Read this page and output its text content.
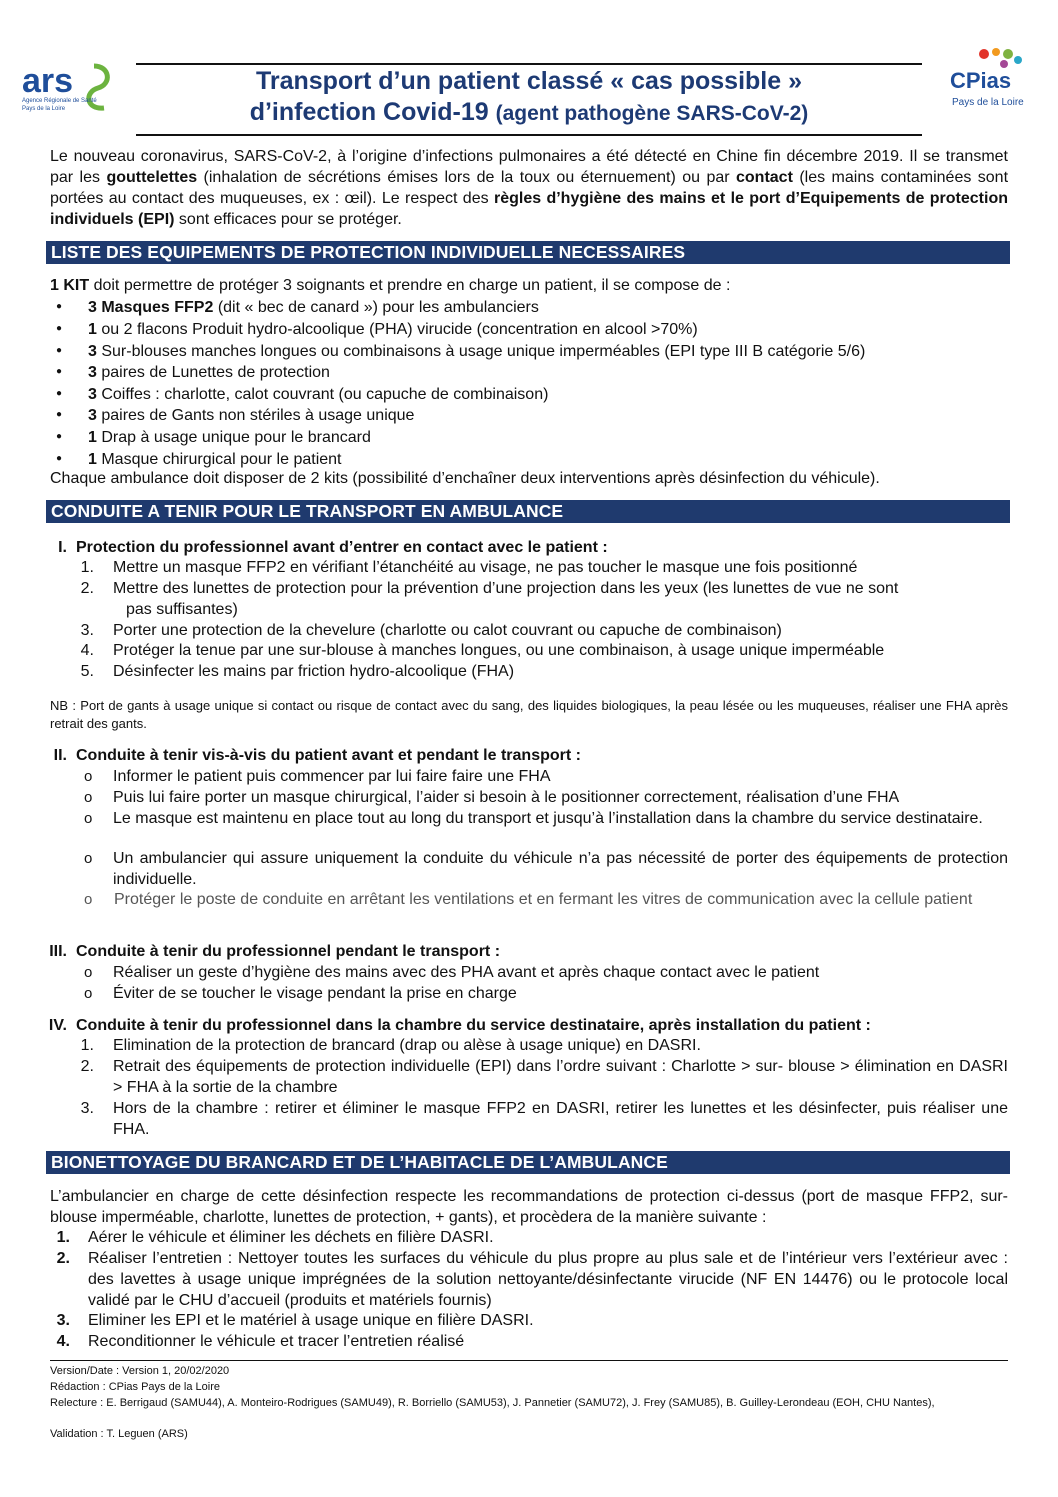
ars
Agence Régionale de Santé
Pays de la Loire
CPias
Pays de la Loire
Transport d’un patient classé « cas possible »
d’infection Covid-19 (agent pathogène SARS-CoV-2)
Le nouveau coronavirus, SARS-CoV-2, à l’origine d’infections pulmonaires a été détecté en Chine fin décembre 2019. Il se transmet par les gouttelettes (inhalation de sécrétions émises lors de la toux ou éternuement) ou par contact (les mains contaminées sont portées au contact des muqueuses, ex : œil). Le respect des règles d’hygiène des mains et le port d’Equipements de protection individuels (EPI) sont efficaces pour se protéger.
LISTE DES EQUIPEMENTS DE PROTECTION INDIVIDUELLE NECESSAIRES
1 KIT doit permettre de protéger 3 soignants et prendre en charge un patient, il se compose de :
● 3 Masques FFP2 (dit « bec de canard ») pour les ambulanciers
● 1 ou 2 flacons Produit hydro-alcoolique (PHA) virucide (concentration en alcool >70%)
● 3 Sur-blouses manches longues ou combinaisons à usage unique imperméables (EPI type III B catégorie 5/6)
● 3 paires de Lunettes de protection
● 3 Coiffes : charlotte, calot couvrant (ou capuche de combinaison)
● 3 paires de Gants non stériles à usage unique
● 1 Drap à usage unique pour le brancard
● 1 Masque chirurgical pour le patient
Chaque ambulance doit disposer de 2 kits (possibilité d’enchaîner deux interventions après désinfection du véhicule).
CONDUITE A TENIR POUR LE TRANSPORT EN AMBULANCE
I. Protection du professionnel avant d’entrer en contact avec le patient :
1. Mettre un masque FFP2 en vérifiant l’étanchéité au visage, ne pas toucher le masque une fois positionné
2. Mettre des lunettes de protection pour la prévention d’une projection dans les yeux (les lunettes de vue ne sont
pas suffisantes)
3. Porter une protection de la chevelure (charlotte ou calot couvrant ou capuche de combinaison)
4. Protéger la tenue par une sur-blouse à manches longues, ou une combinaison, à usage unique imperméable
5. Désinfecter les mains par friction hydro-alcoolique (FHA)
NB : Port de gants à usage unique si contact ou risque de contact avec du sang, des liquides biologiques, la peau lésée ou les muqueuses, réaliser une FHA après retrait des gants.
II. Conduite à tenir vis-à-vis du patient avant et pendant le transport :
o Informer le patient puis commencer par lui faire faire une FHA
o Puis lui faire porter un masque chirurgical, l’aider si besoin à le positionner correctement, réalisation d’une FHA
o Le masque est maintenu en place tout au long du transport et jusqu’à l’installation dans la chambre du service destinataire.
o Un ambulancier qui assure uniquement la conduite du véhicule n’a pas nécessité de porter des équipements de protection individuelle.
o Protéger le poste de conduite en arrêtant les ventilations et en fermant les vitres de communication avec la cellule patient
III. Conduite à tenir du professionnel pendant le transport :
o Réaliser un geste d’hygiène des mains avec des PHA avant et après chaque contact avec le patient
o Éviter de se toucher le visage pendant la prise en charge
IV. Conduite à tenir du professionnel dans la chambre du service destinataire, après installation du patient :
1. Elimination de la protection de brancard (drap ou alèse à usage unique) en DASRI.
2. Retrait des équipements de protection individuelle (EPI) dans l’ordre suivant : Charlotte > sur- blouse > élimination en DASRI > FHA à la sortie de la chambre
3. Hors de la chambre : retirer et éliminer le masque FFP2 en DASRI, retirer les lunettes et les désinfecter, puis réaliser une FHA.
BIONETTOYAGE DU BRANCARD ET DE L’HABITACLE DE L’AMBULANCE
L’ambulancier en charge de cette désinfection respecte les recommandations de protection ci-dessus (port de masque FFP2, sur-blouse imperméable, charlotte, lunettes de protection, + gants), et procèdera de la manière suivante :
1. Aérer le véhicule et éliminer les déchets en filière DASRI.
2. Réaliser l’entretien : Nettoyer toutes les surfaces du véhicule du plus propre au plus sale et de l’intérieur vers l’extérieur avec : des lavettes à usage unique imprégnées de la solution nettoyante/désinfectante virucide (NF EN 14476) ou le protocole local validé par le CHU d’accueil (produits et matériels fournis)
3. Eliminer les EPI et le matériel à usage unique en filière DASRI.
4. Reconditionner le véhicule et tracer l’entretien réalisé
Version/Date : Version 1, 20/02/2020
Rédaction : CPias Pays de la Loire
Relecture : E. Berrigaud (SAMU44), A. Monteiro-Rodrigues (SAMU49), R. Borriello (SAMU53), J. Pannetier (SAMU72), J. Frey (SAMU85), B. Guilley-Lerondeau (EOH, CHU Nantes),
Validation : T. Leguen (ARS)
